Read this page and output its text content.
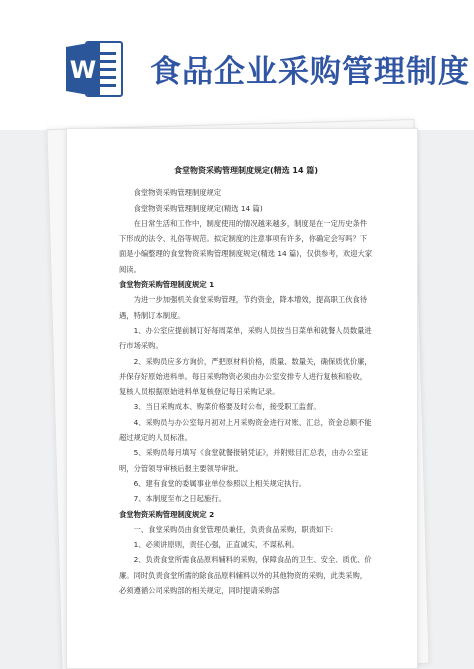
W 食品企业采购管理制度
食堂物资采购管理制度规定(精选 14 篇)
食堂物资采购管理制度规定
食堂物资采购管理制度规定(精选 14 篇)
在日常生活和工作中，制度使用的情况越来越多，制度是在一定历史条件下形成的法令、礼俗等规范。拟定制度的注意事项有许多，你确定会写吗？下面是小编整理的食堂物资采购管理制度规定(精选 14 篇)，仅供参考，欢迎大家阅读。
食堂物资采购管理制度规定 1
为进一步加强机关食堂采购管理，节约资金，降本增效，提高职工伙食待遇，特制订本制度。
1、办公室应提前制订好每周菜单，采购人员按当日菜单和就餐人员数量进行市场采购。
2、采购员应多方询价，严把原材料价格，质量、数量关，确保质优价廉，并保存好原始进料单。每日采购物资必须由办公室安排专人进行复核和验收，复核人员根据原始进料单复核登记每日采购记录。
3、当日采购成本、购菜价格要及时公布，接受职工监督。
4、采购员与办公室每月初对上月采购资金进行对账、汇总，资金总额不能超过规定的人员标准。
5、采购员每月填写《食堂就餐报销凭证》，并附账目汇总表，由办公室证明，分管领导审核后报主要领导审批。
6、建有食堂的委属事业单位参照以上相关规定执行。
7、本制度至布之日起施行。
食堂物资采购管理制度规定 2
一、食堂采购员由食堂管理员兼任，负责食品采购，职责如下:
1、必须讲原则，责任心强，正直诚实，不谋私利。
2、负责食堂所需食品原料辅料的采购，保障食品的卫生、安全、质优、价廉。同时负责食堂所需的除食品原料辅料以外的其他物资的采购，此类采购，必须遵循公司采购部的相关规定，同时提请采购部
